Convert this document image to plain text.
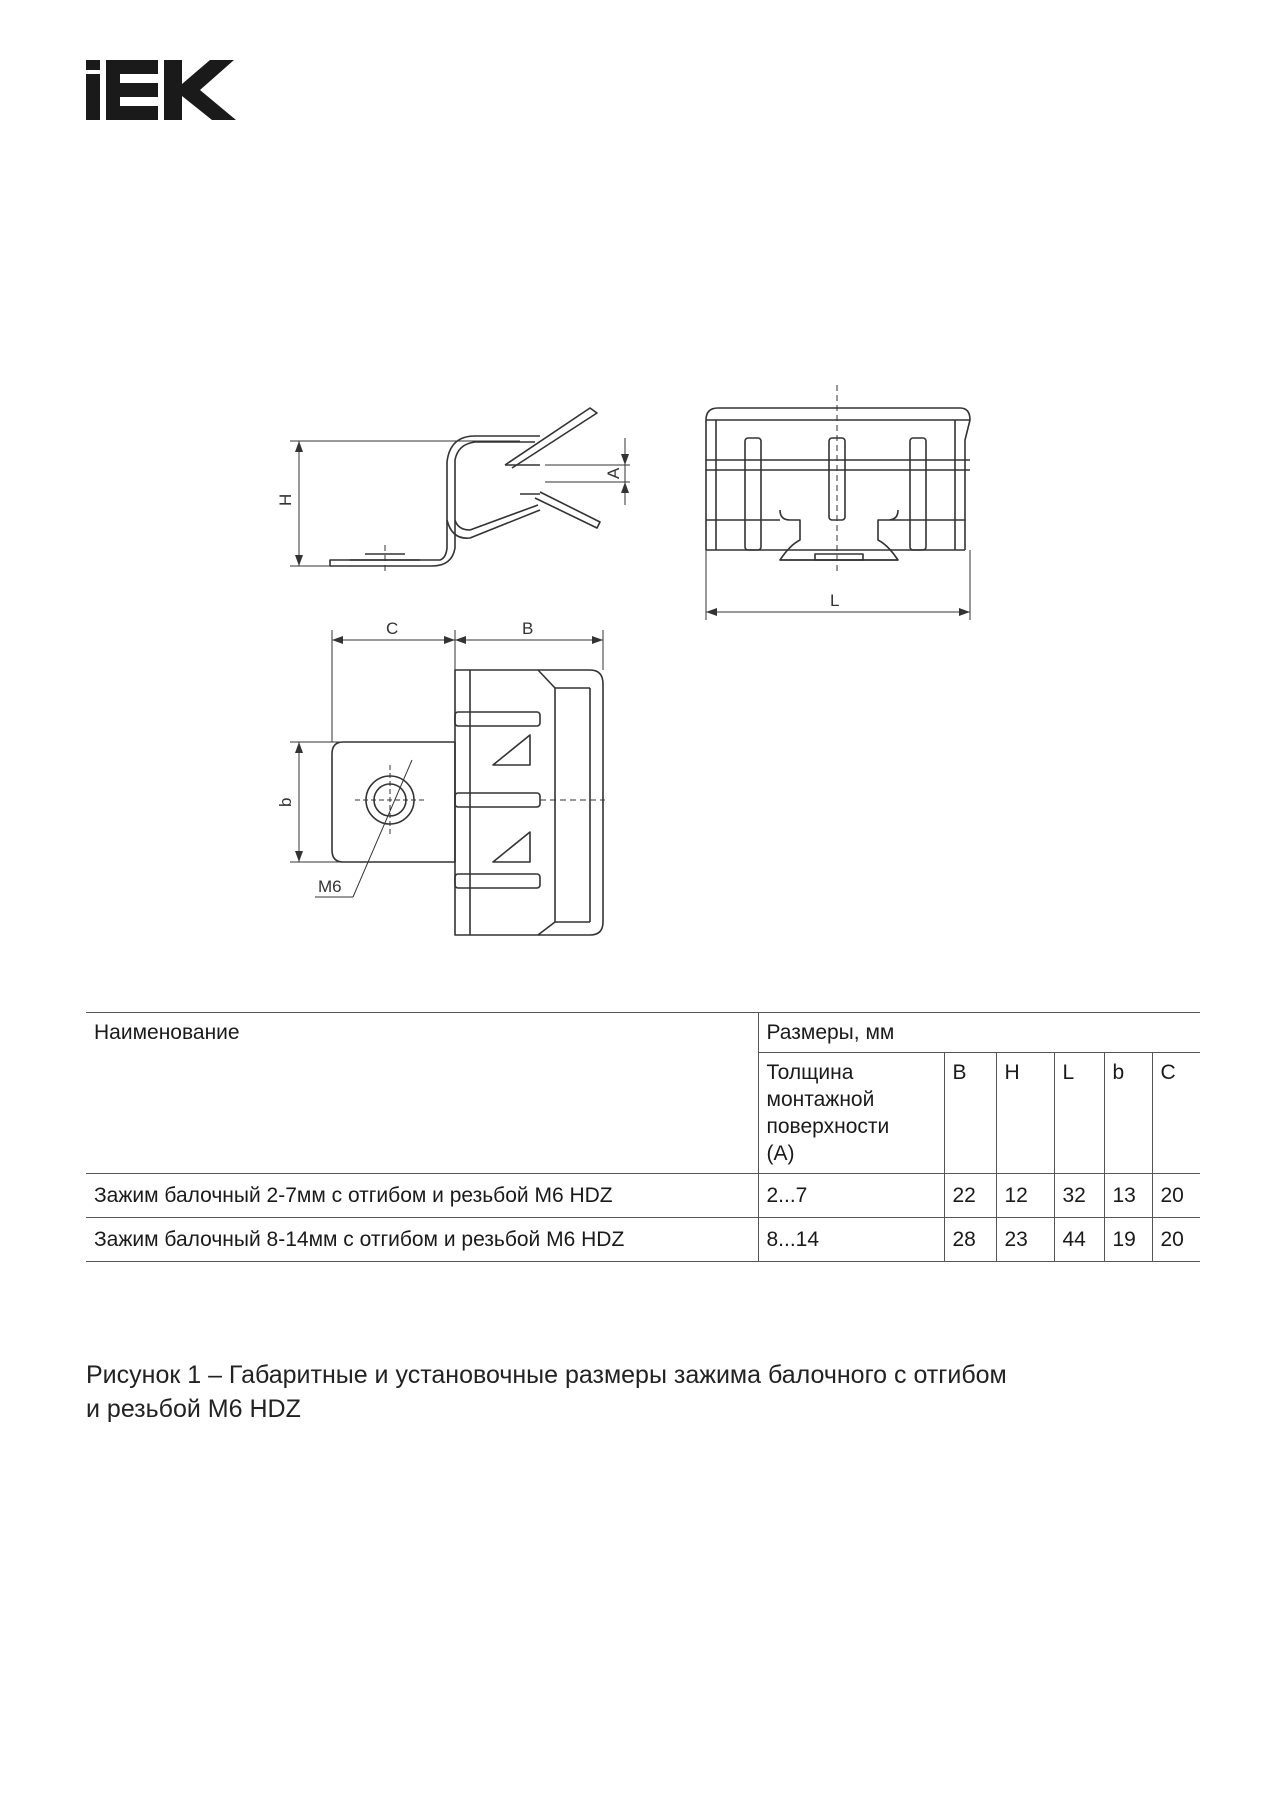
H
A
L
C	B
b
M6
Наименование	Размеры, мм					

	Толщина
монтажной
поверхности
(A)	B	H	L	b	C
Зажим балочный 2-7мм с отгибом и резьбой М6 HDZ	2...7	22	12	32	13	20
Зажим балочный 8-14мм с отгибом и резьбой М6 HDZ	8...14	28	23	44	19	20
Рисунок 1 – Габаритные и установочные размеры зажима балочного с отгибом
и резьбой М6 HDZ
